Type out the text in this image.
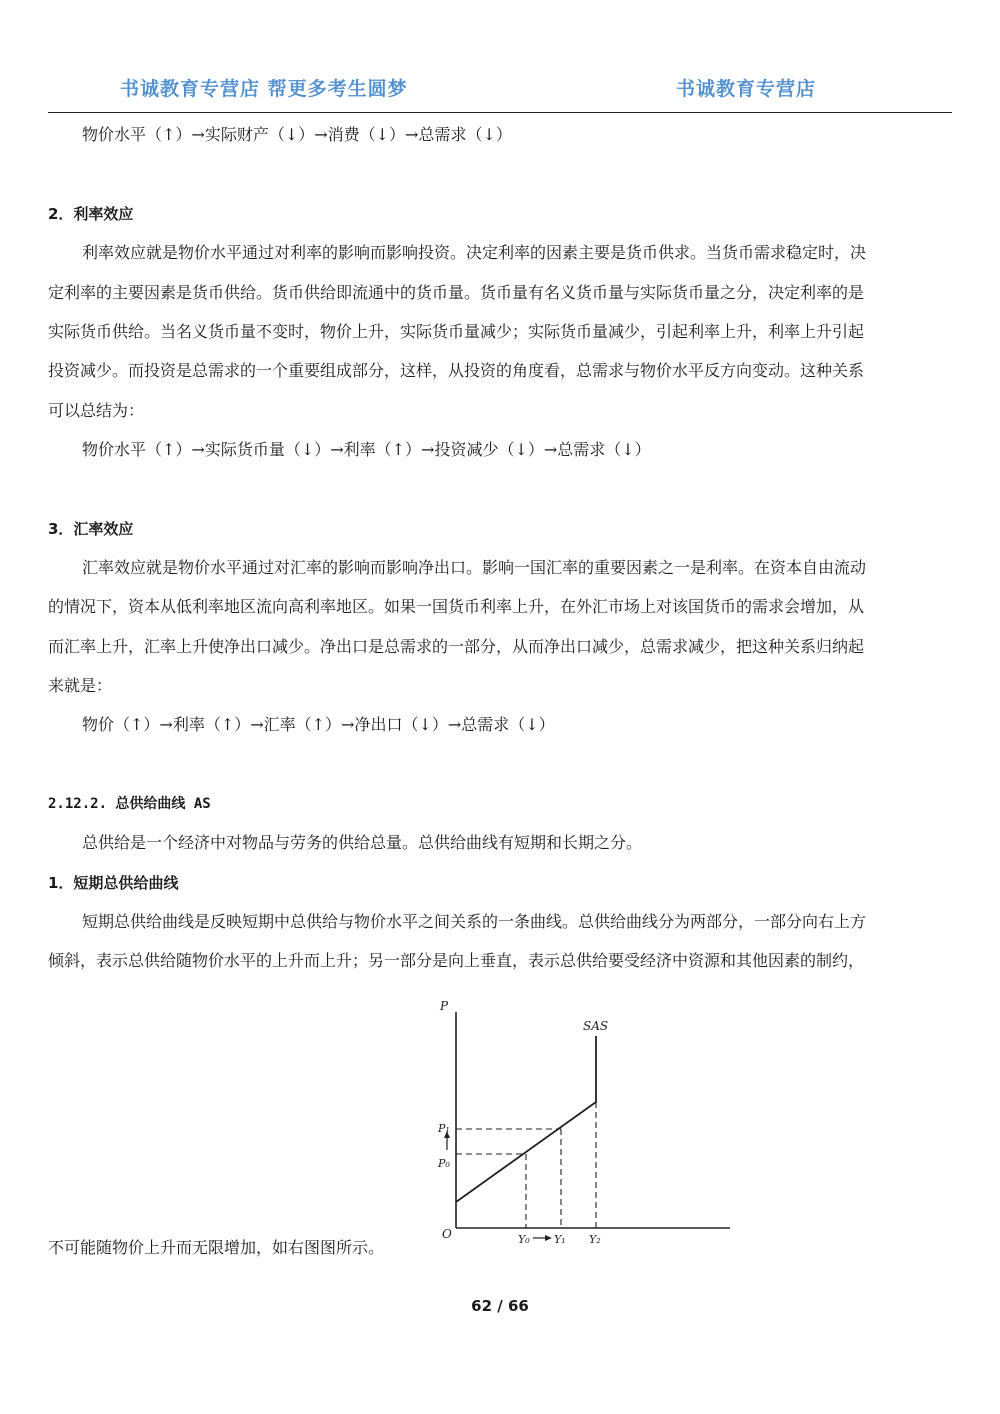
书诚教育专营店 帮更多考生圆梦	书诚教育专营店
物价水平（↑）→实际财产（↓）→消费（↓）→总需求（↓）
2．利率效应
利率效应就是物价水平通过对利率的影响而影响投资。决定利率的因素主要是货币供求。当货币需求稳定时，决
定利率的主要因素是货币供给。货币供给即流通中的货币量。货币量有名义货币量与实际货币量之分，决定利率的是
实际货币供给。当名义货币量不变时，物价上升，实际货币量减少；实际货币量减少，引起利率上升，利率上升引起
投资减少。而投资是总需求的一个重要组成部分，这样，从投资的角度看，总需求与物价水平反方向变动。这种关系
可以总结为：
物价水平（↑）→实际货币量（↓）→利率（↑）→投资减少（↓）→总需求（↓）
3．汇率效应
汇率效应就是物价水平通过对汇率的影响而影响净出口。影响一国汇率的重要因素之一是利率。在资本自由流动
的情况下，资本从低利率地区流向高利率地区。如果一国货币利率上升，在外汇市场上对该国货币的需求会增加，从
而汇率上升，汇率上升使净出口减少。净出口是总需求的一部分，从而净出口减少，总需求减少，把这种关系归纳起
来就是：
物价（↑）→利率（↑）→汇率（↑）→净出口（↓）→总需求（↓）
2.12.2. 总供给曲线 AS
总供给是一个经济中对物品与劳务的供给总量。总供给曲线有短期和长期之分。
1．短期总供给曲线
短期总供给曲线是反映短期中总供给与物价水平之间关系的一条曲线。总供给曲线分为两部分，一部分向右上方
倾斜，表示总供给随物价水平的上升而上升；另一部分是向上垂直，表示总供给要受经济中资源和其他因素的制约，
不可能随物价上升而无限增加，如右图图所示。
P
O
SAS
P₁
P₀
Y₀ Y₁ Y₂
62 / 66
